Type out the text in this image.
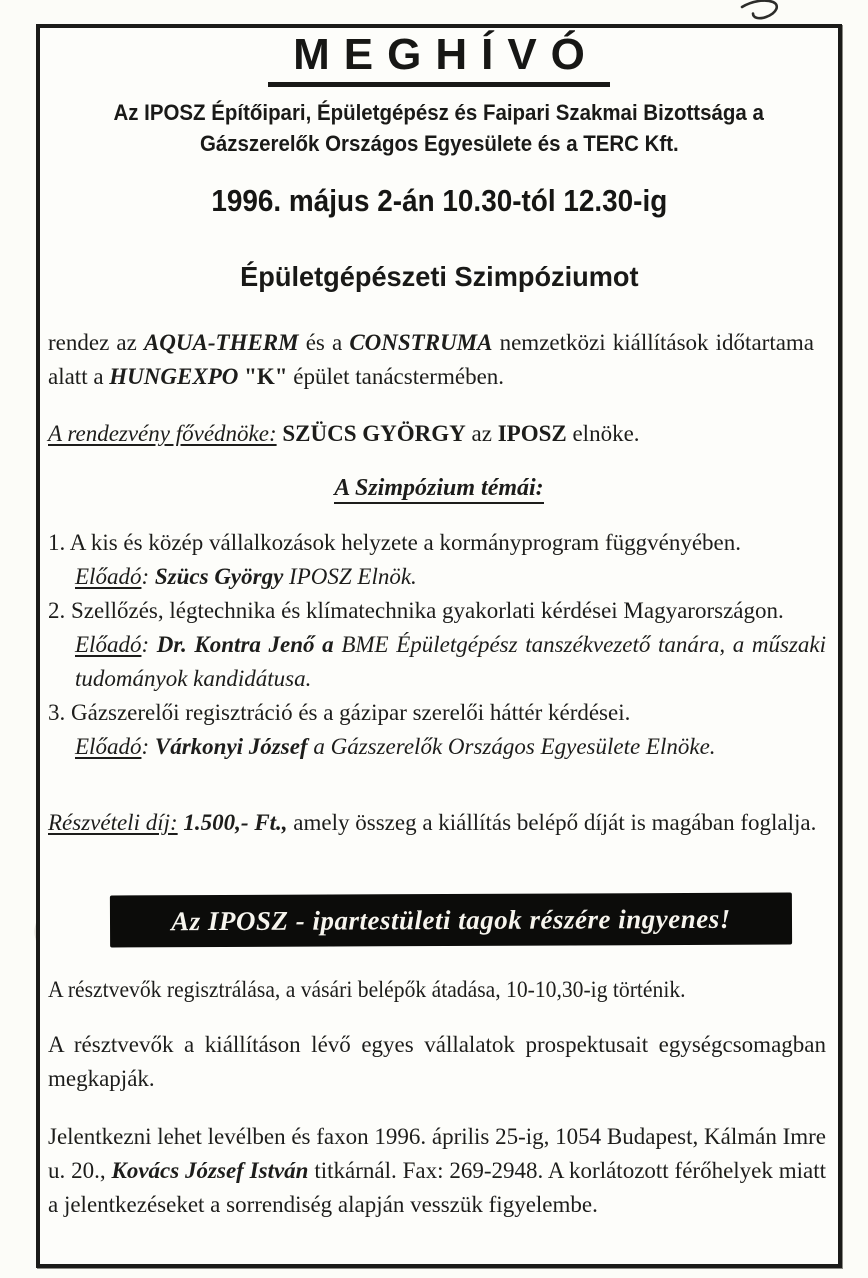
MEGHÍVÓ
Az IPOSZ Építőipari, Épületgépész és Faipari Szakmai Bizottsága a
Gázszerelők Országos Egyesülete és a TERC Kft.
1996. május 2-án 10.30-tól 12.30-ig
Épületgépészeti Szimpóziumot

rendez az AQUA-THERM és a CONSTRUMA nemzetközi kiállítások időtartama alatt a HUNGEXPO "K" épület tanácstermében.

A rendezvény fővédnöke: SZÜCS GYÖRGY az IPOSZ elnöke.

A Szimpózium témái:

1. A kis és közép vállalkozások helyzete a kormányprogram függvényében.

Előadó: Szücs György IPOSZ Elnök.

2. Szellőzés, légtechnika és klímatechnika gyakorlati kérdései Magyarországon.

Előadó: Dr. Kontra Jenő a BME Épületgépész tanszékvezető tanára, a műszaki tudományok kandidátusa.

3. Gázszerelői regisztráció és a gázipar szerelői háttér kérdései.

Előadó: Várkonyi József a Gázszerelők Országos Egyesülete Elnöke.

Részvételi díj: 1.500,- Ft., amely összeg a kiállítás belépő díját is magában foglalja.

Az IPOSZ - ipartestületi tagok részére ingyenes!

A résztvevők regisztrálása, a vásári belépők átadása, 10-10,30-ig történik.

A résztvevők a kiállításon lévő egyes vállalatok prospektusait egységcsomagban megkapják.

Jelentkezni lehet levélben és faxon 1996. április 25-ig, 1054 Budapest, Kálmán Imre u. 20., Kovács József István titkárnál. Fax: 269-2948. A korlátozott férőhelyek miatt a jelentkezéseket a sorrendiség alapján vesszük figyelembe.
